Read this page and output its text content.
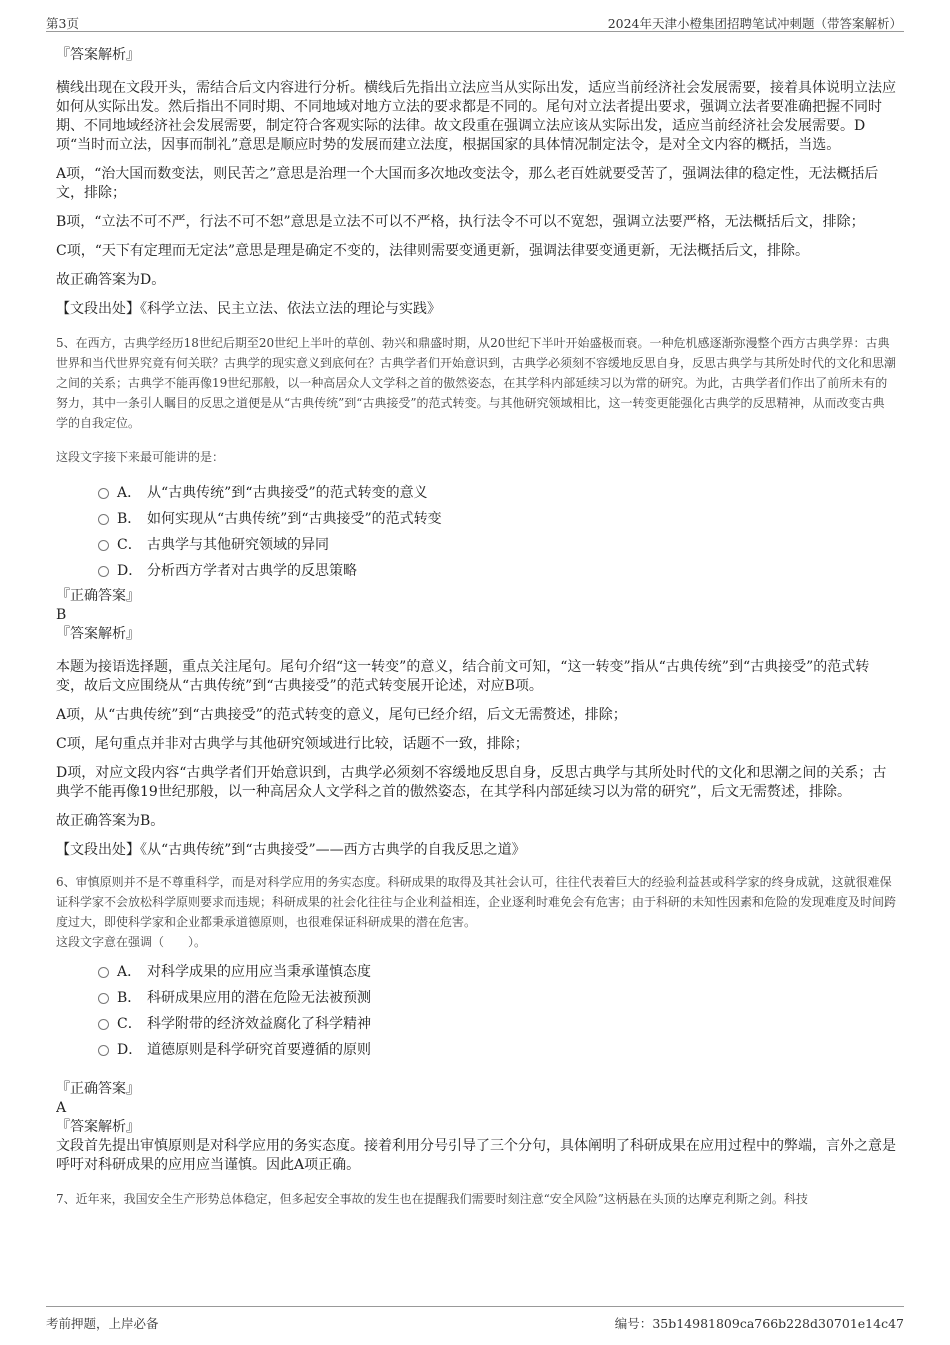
第3页	2024年天津小橙集团招聘笔试冲刺题（带答案解析）
『答案解析』
横线出现在文段开头，需结合后文内容进行分析。横线后先指出立法应当从实际出发，适应当前经济社会发展需要，接着具体说明立法应如何从实际出发。然后指出不同时期、不同地域对地方立法的要求都是不同的。尾句对立法者提出要求，强调立法者要准确把握不同时期、不同地域经济社会发展需要，制定符合客观实际的法律。故文段重在强调立法应该从实际出发，适应当前经济社会发展需要。D项“当时而立法，因事而制礼”意思是顺应时势的发展而建立法度，根据国家的具体情况制定法令，是对全文内容的概括，当选。
A项，“治大国而数变法，则民苦之”意思是治理一个大国而多次地改变法令，那么老百姓就要受苦了，强调法律的稳定性，无法概括后文，排除；
B项，“立法不可不严，行法不可不恕”意思是立法不可以不严格，执行法令不可以不宽恕，强调立法要严格，无法概括后文，排除；
C项，“天下有定理而无定法”意思是理是确定不变的，法律则需要变通更新，强调法律要变通更新，无法概括后文，排除。
故正确答案为D。
【文段出处】《科学立法、民主立法、依法立法的理论与实践》
5、在西方，古典学经历18世纪后期至20世纪上半叶的草创、勃兴和鼎盛时期，从20世纪下半叶开始盛极而衰。一种危机感逐渐弥漫整个西方古典学界：古典世界和当代世界究竟有何关联？古典学的现实意义到底何在？古典学者们开始意识到，古典学必须刻不容缓地反思自身，反思古典学与其所处时代的文化和思潮之间的关系；古典学不能再像19世纪那般，以一种高居众人文学科之首的傲然姿态，在其学科内部延续习以为常的研究。为此，古典学者们作出了前所未有的努力，其中一条引人瞩目的反思之道便是从“古典传统”到“古典接受”的范式转变。与其他研究领域相比，这一转变更能强化古典学的反思精神，从而改变古典学的自我定位。
这段文字接下来最可能讲的是：
A． 从“古典传统”到“古典接受”的范式转变的意义
B． 如何实现从“古典传统”到“古典接受”的范式转变
C． 古典学与其他研究领域的异同
D． 分析西方学者对古典学的反思策略
『正确答案』
B
『答案解析』
本题为接语选择题，重点关注尾句。尾句介绍“这一转变”的意义，结合前文可知，“这一转变”指从“古典传统”到“古典接受”的范式转变，故后文应围绕从“古典传统”到“古典接受”的范式转变展开论述，对应B项。
A项，从“古典传统”到“古典接受”的范式转变的意义，尾句已经介绍，后文无需赘述，排除；
C项，尾句重点并非对古典学与其他研究领域进行比较，话题不一致，排除；
D项，对应文段内容“古典学者们开始意识到，古典学必须刻不容缓地反思自身，反思古典学与其所处时代的文化和思潮之间的关系；古典学不能再像19世纪那般，以一种高居众人文学科之首的傲然姿态，在其学科内部延续习以为常的研究”，后文无需赘述，排除。
故正确答案为B。
【文段出处】《从“古典传统”到“古典接受”——西方古典学的自我反思之道》
6、审慎原则并不是不尊重科学，而是对科学应用的务实态度。科研成果的取得及其社会认可，往往代表着巨大的经验利益甚或科学家的终身成就，这就很难保证科学家不会放松科学原则要求而违规；科研成果的社会化往往与企业利益相连，企业逐利时难免会有危害；由于科研的未知性因素和危险的发现难度及时间跨度过大，即使科学家和企业都秉承道德原则，也很难保证科研成果的潜在危害。
这段文字意在强调（　　）。
A． 对科学成果的应用应当秉承谨慎态度
B． 科研成果应用的潜在危险无法被预测
C． 科学附带的经济效益腐化了科学精神
D． 道德原则是科学研究首要遵循的原则
『正确答案』
A
『答案解析』
文段首先提出审慎原则是对科学应用的务实态度。接着利用分号引导了三个分句，具体阐明了科研成果在应用过程中的弊端，言外之意是呼吁对科研成果的应用应当谨慎。因此A项正确。
7、近年来，我国安全生产形势总体稳定，但多起安全事故的发生也在提醒我们需要时刻注意“安全风险”这柄悬在头顶的达摩克利斯之剑。科技
考前押题，上岸必备	编号：35b14981809ca766b228d30701e14c47
